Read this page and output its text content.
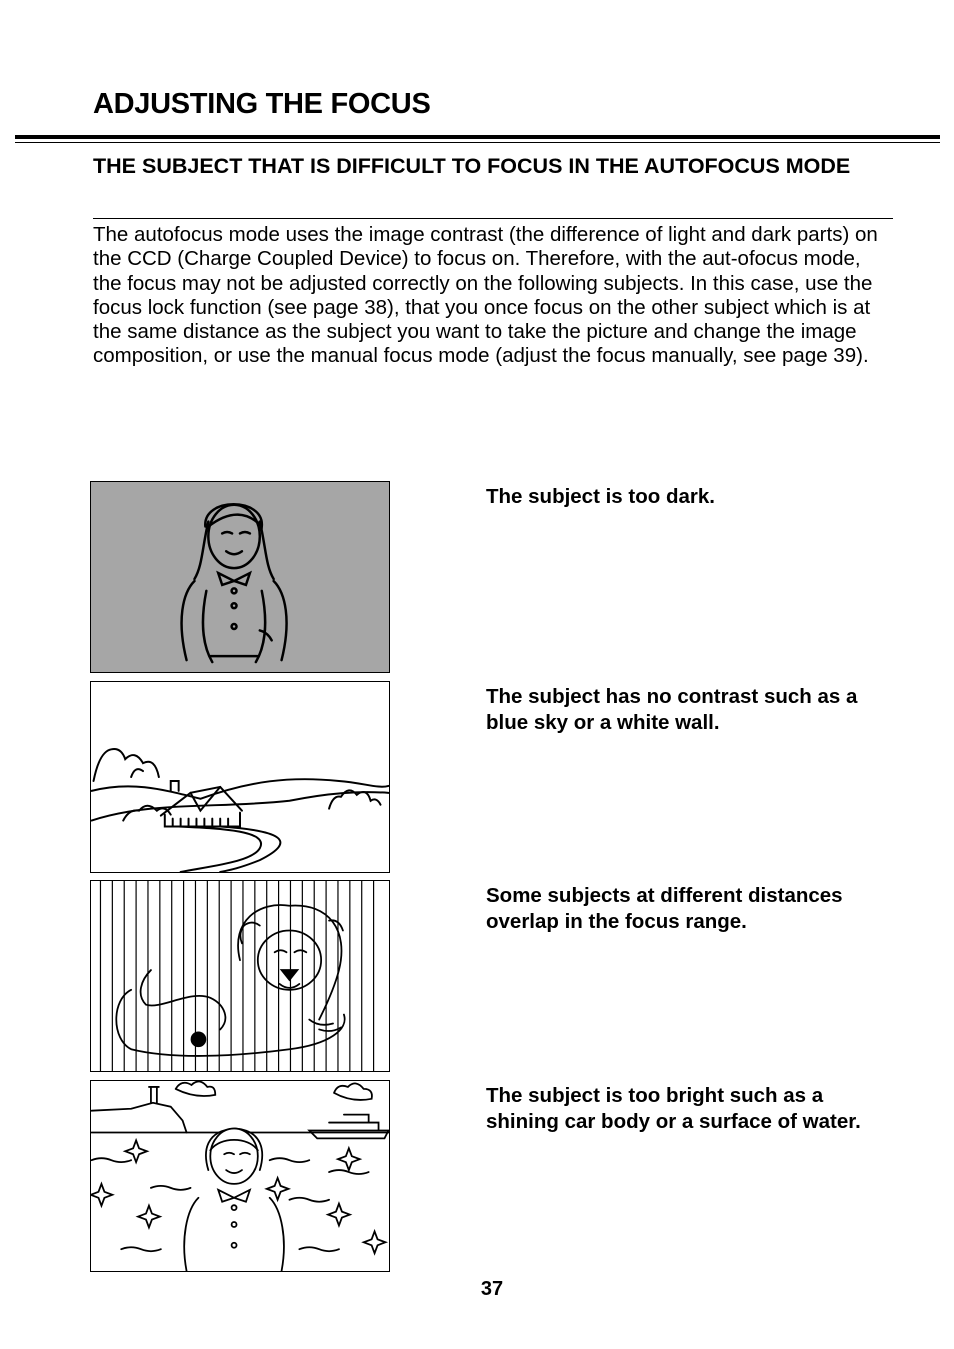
ADJUSTING THE FOCUS
THE SUBJECT THAT IS DIFFICULT TO FOCUS IN THE AUTOFOCUS MODE

The autofocus mode uses the image contrast (the difference of light and dark parts) on the CCD (Charge Coupled Device) to focus on. Therefore, with the aut-ofocus mode, the focus may not be adjusted correctly on the following subjects. In this case, use the focus lock function (see page 38), that you once focus on the other subject which is at the same distance as the subject you want to take the picture and change the image composition, or use the manual focus mode (adjust the focus manually, see page 39).

The subject is too dark.

The subject has no contrast such as a blue sky or a white wall.

Some subjects at different distances overlap in the focus range.

The subject is too bright such as a shining car body or a surface of water.

37
